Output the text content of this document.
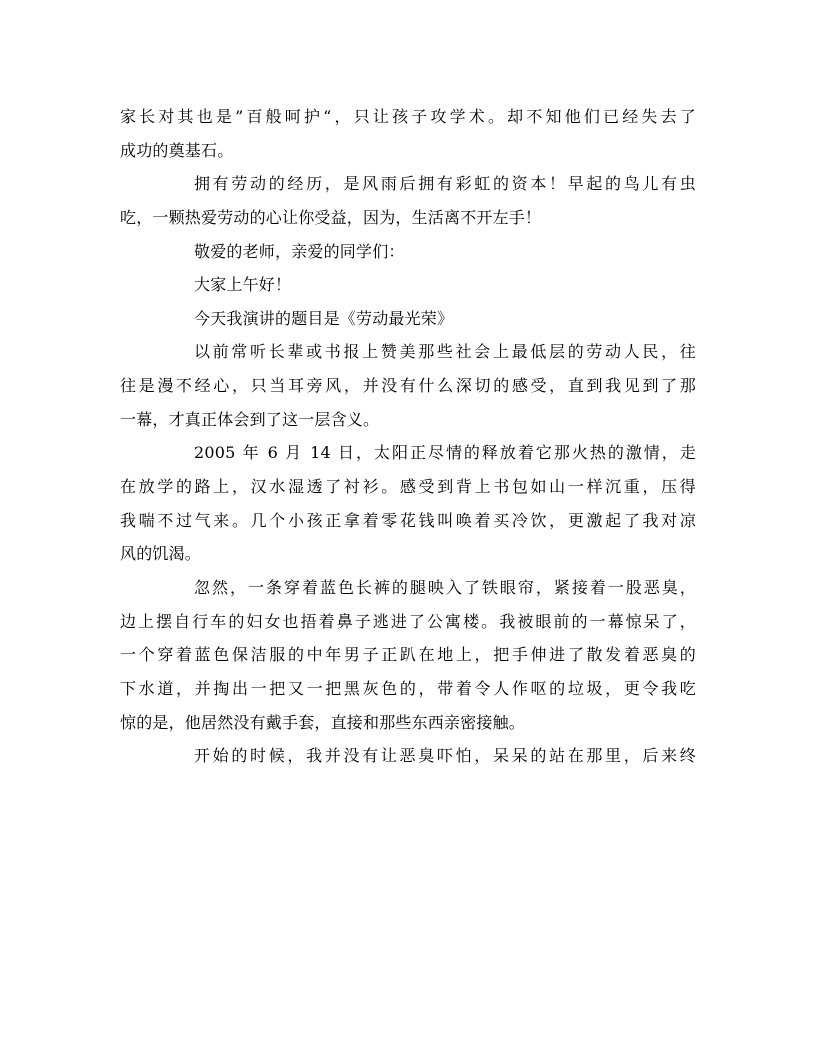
家长对其也是”百般呵护“，只让孩子攻学术。却不知他们已经失去了
成功的奠基石。
拥有劳动的经历，是风雨后拥有彩虹的资本！早起的鸟儿有虫
吃，一颗热爱劳动的心让你受益，因为，生活离不开左手！
敬爱的老师，亲爱的同学们：
大家上午好！
今天我演讲的题目是《劳动最光荣》
以前常听长辈或书报上赞美那些社会上最低层的劳动人民，往
往是漫不经心，只当耳旁风，并没有什么深切的感受，直到我见到了那
一幕，才真正体会到了这一层含义。
2005 年 6 月 14 日，太阳正尽情的释放着它那火热的激情，走
在放学的路上，汉水湿透了衬衫。感受到背上书包如山一样沉重，压得
我喘不过气来。几个小孩正拿着零花钱叫唤着买冷饮，更激起了我对凉
风的饥渴。
忽然，一条穿着蓝色长裤的腿映入了铁眼帘，紧接着一股恶臭，
边上摆自行车的妇女也捂着鼻子逃进了公寓楼。我被眼前的一幕惊呆了，
一个穿着蓝色保洁服的中年男子正趴在地上，把手伸进了散发着恶臭的
下水道，并掏出一把又一把黑灰色的，带着令人作呕的垃圾，更令我吃
惊的是，他居然没有戴手套，直接和那些东西亲密接触。
开始的时候，我并没有让恶臭吓怕，呆呆的站在那里，后来终
